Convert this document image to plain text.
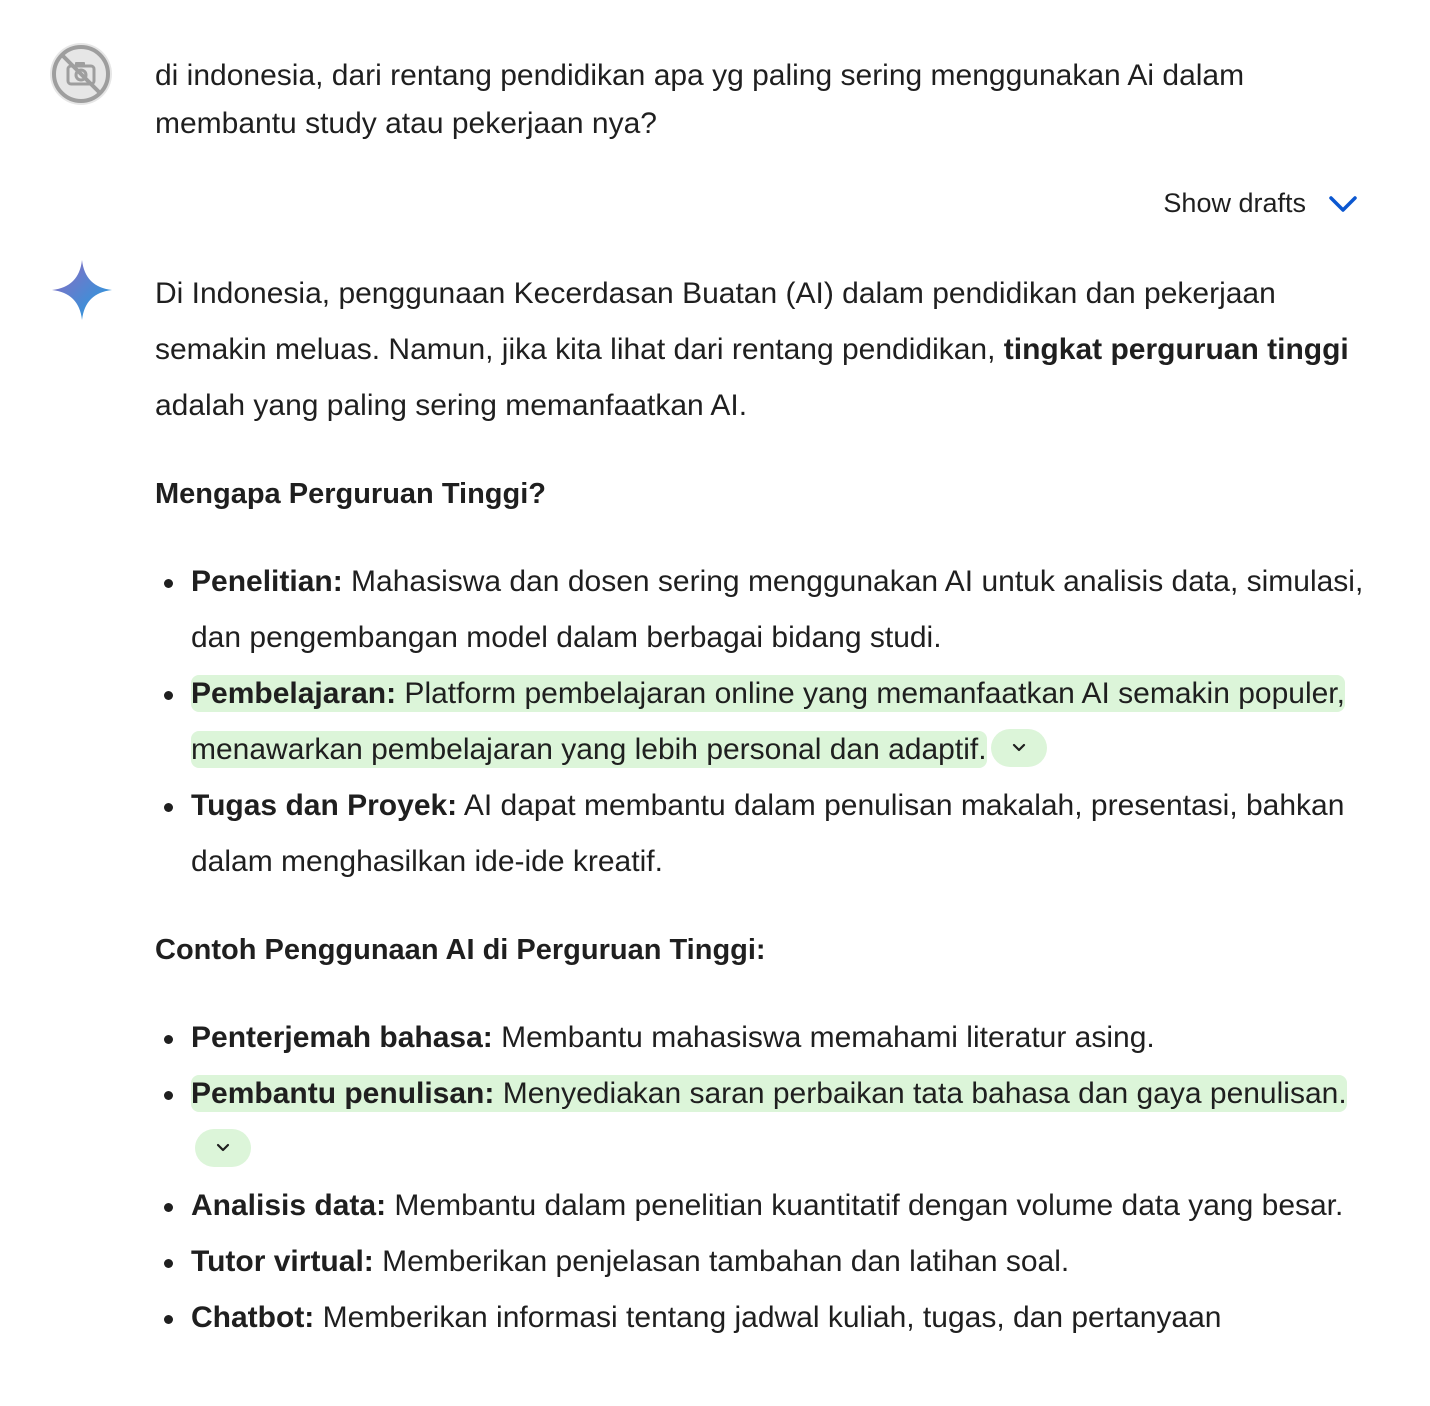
di indonesia, dari rentang pendidikan apa yg paling sering menggunakan Ai dalam membantu study atau pekerjaan nya?
Show drafts

Di Indonesia, penggunaan Kecerdasan Buatan (AI) dalam pendidikan dan pekerjaan semakin meluas. Namun, jika kita lihat dari rentang pendidikan, tingkat perguruan tinggi adalah yang paling sering memanfaatkan AI.

Mengapa Perguruan Tinggi?
Penelitian: Mahasiswa dan dosen sering menggunakan AI untuk analisis data, simulasi, dan pengembangan model dalam berbagai bidang studi.
Pembelajaran: Platform pembelajaran online yang memanfaatkan AI semakin populer, menawarkan pembelajaran yang lebih personal dan adaptif.
Tugas dan Proyek: AI dapat membantu dalam penulisan makalah, presentasi, bahkan dalam menghasilkan ide-ide kreatif.
Contoh Penggunaan AI di Perguruan Tinggi:
Penterjemah bahasa: Membantu mahasiswa memahami literatur asing.
Pembantu penulisan: Menyediakan saran perbaikan tata bahasa dan gaya penulisan.
Analisis data: Membantu dalam penelitian kuantitatif dengan volume data yang besar.
Tutor virtual: Memberikan penjelasan tambahan dan latihan soal.
Chatbot: Memberikan informasi tentang jadwal kuliah, tugas, dan pertanyaan
